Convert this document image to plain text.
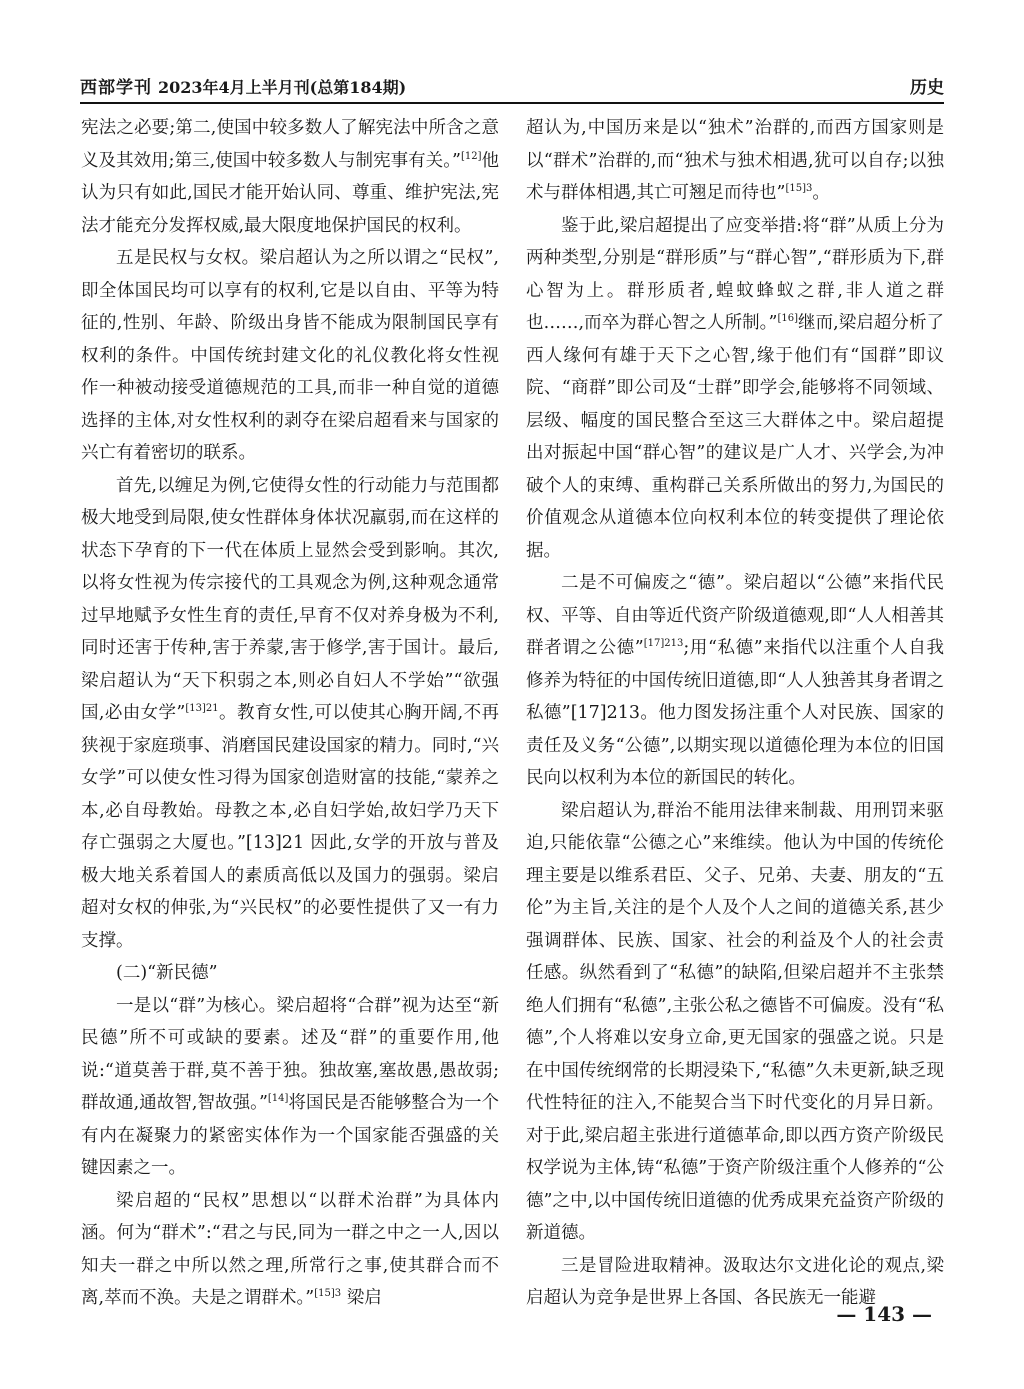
西部学刊 2023年4月上半月刊(总第184期)	历史

宪法之必要;第二,使国中较多数人了解宪法中所含之意义及其效用;第三,使国中较多数人与制宪事有关。”[12]他认为只有如此,国民才能开始认同、尊重、维护宪法,宪法才能充分发挥权威,最大限度地保护国民的权利。

五是民权与女权。梁启超认为之所以谓之“民权”,即全体国民均可以享有的权利,它是以自由、平等为特征的,性别、年龄、阶级出身皆不能成为限制国民享有权利的条件。中国传统封建文化的礼仪教化将女性视作一种被动接受道德规范的工具,而非一种自觉的道德选择的主体,对女性权利的剥夺在梁启超看来与国家的兴亡有着密切的联系。

首先,以缠足为例,它使得女性的行动能力与范围都极大地受到局限,使女性群体身体状况羸弱,而在这样的状态下孕育的下一代在体质上显然会受到影响。其次,以将女性视为传宗接代的工具观念为例,这种观念通常过早地赋予女性生育的责任,早育不仅对养身极为不利,同时还害于传种,害于养蒙,害于修学,害于国计。最后,梁启超认为“天下积弱之本,则必自妇人不学始”“欲强国,必由女学”$^{[13]21}$。教育女性,可以使其心胸开阔,不再狭视于家庭琐事、消磨国民建设国家的精力。同时,“兴女学”可以使女性习得为国家创造财富的技能,“蒙养之本,必自母教始。母教之本,必自妇学始,故妇学乃天下存亡强弱之大厦也。”[13]21 因此,女学的开放与普及极大地关系着国人的素质高低以及国力的强弱。梁启超对女权的伸张,为“兴民权”的必要性提供了又一有力支撑。

(二)“新民德”

一是以“群”为核心。梁启超将“合群”视为达至“新民德”所不可或缺的要素。述及“群”的重要作用,他说:“道莫善于群,莫不善于独。独故塞,塞故愚,愚故弱;群故通,通故智,智故强。”[14]将国民是否能够整合为一个有内在凝聚力的紧密实体作为一个国家能否强盛的关键因素之一。

梁启超的“民权”思想以“以群术治群”为具体内涵。何为“群术”:“君之与民,同为一群之中之一人,因以知夫一群之中所以然之理,所常行之事,使其群合而不离,萃而不涣。夫是之谓群术。”$^{[15]3}$ 梁启

超认为,中国历来是以“独术”治群的,而西方国家则是以“群术”治群的,而“独术与独术相遇,犹可以自存;以独术与群体相遇,其亡可翘足而待也”$^{[15]3}$。

鉴于此,梁启超提出了应变举措:将“群”从质上分为两种类型,分别是“群形质”与“群心智”,“群形质为下,群心智为上。群形质者,蝗蚊蜂蚁之群,非人道之群也……,而卒为群心智之人所制。”[16]继而,梁启超分析了西人缘何有雄于天下之心智,缘于他们有“国群”即议院、“商群”即公司及“士群”即学会,能够将不同领域、层级、幅度的国民整合至这三大群体之中。梁启超提出对振起中国“群心智”的建议是广人才、兴学会,为冲破个人的束缚、重构群己关系所做出的努力,为国民的价值观念从道德本位向权利本位的转变提供了理论依据。

二是不可偏废之“德”。梁启超以“公德”来指代民权、平等、自由等近代资产阶级道德观,即“人人相善其群者谓之公德”$^{[17]213}$;用“私德”来指代以注重个人自我修养为特征的中国传统旧道德,即“人人独善其身者谓之私德”[17]213。他力图发扬注重个人对民族、国家的责任及义务“公德”,以期实现以道德伦理为本位的旧国民向以权利为本位的新国民的转化。

梁启超认为,群治不能用法律来制裁、用刑罚来驱迫,只能依靠“公德之心”来维续。他认为中国的传统伦理主要是以维系君臣、父子、兄弟、夫妻、朋友的“五伦”为主旨,关注的是个人及个人之间的道德关系,甚少强调群体、民族、国家、社会的利益及个人的社会责任感。纵然看到了“私德”的缺陷,但梁启超并不主张禁绝人们拥有“私德”,主张公私之德皆不可偏废。没有“私德”,个人将难以安身立命,更无国家的强盛之说。只是在中国传统纲常的长期浸染下,“私德”久未更新,缺乏现代性特征的注入,不能契合当下时代变化的月异日新。对于此,梁启超主张进行道德革命,即以西方资产阶级民权学说为主体,铸“私德”于资产阶级注重个人修养的“公德”之中,以中国传统旧道德的优秀成果充益资产阶级的新道德。

三是冒险进取精神。汲取达尔文进化论的观点,梁启超认为竞争是世界上各国、各民族无一能避

— 143 —
